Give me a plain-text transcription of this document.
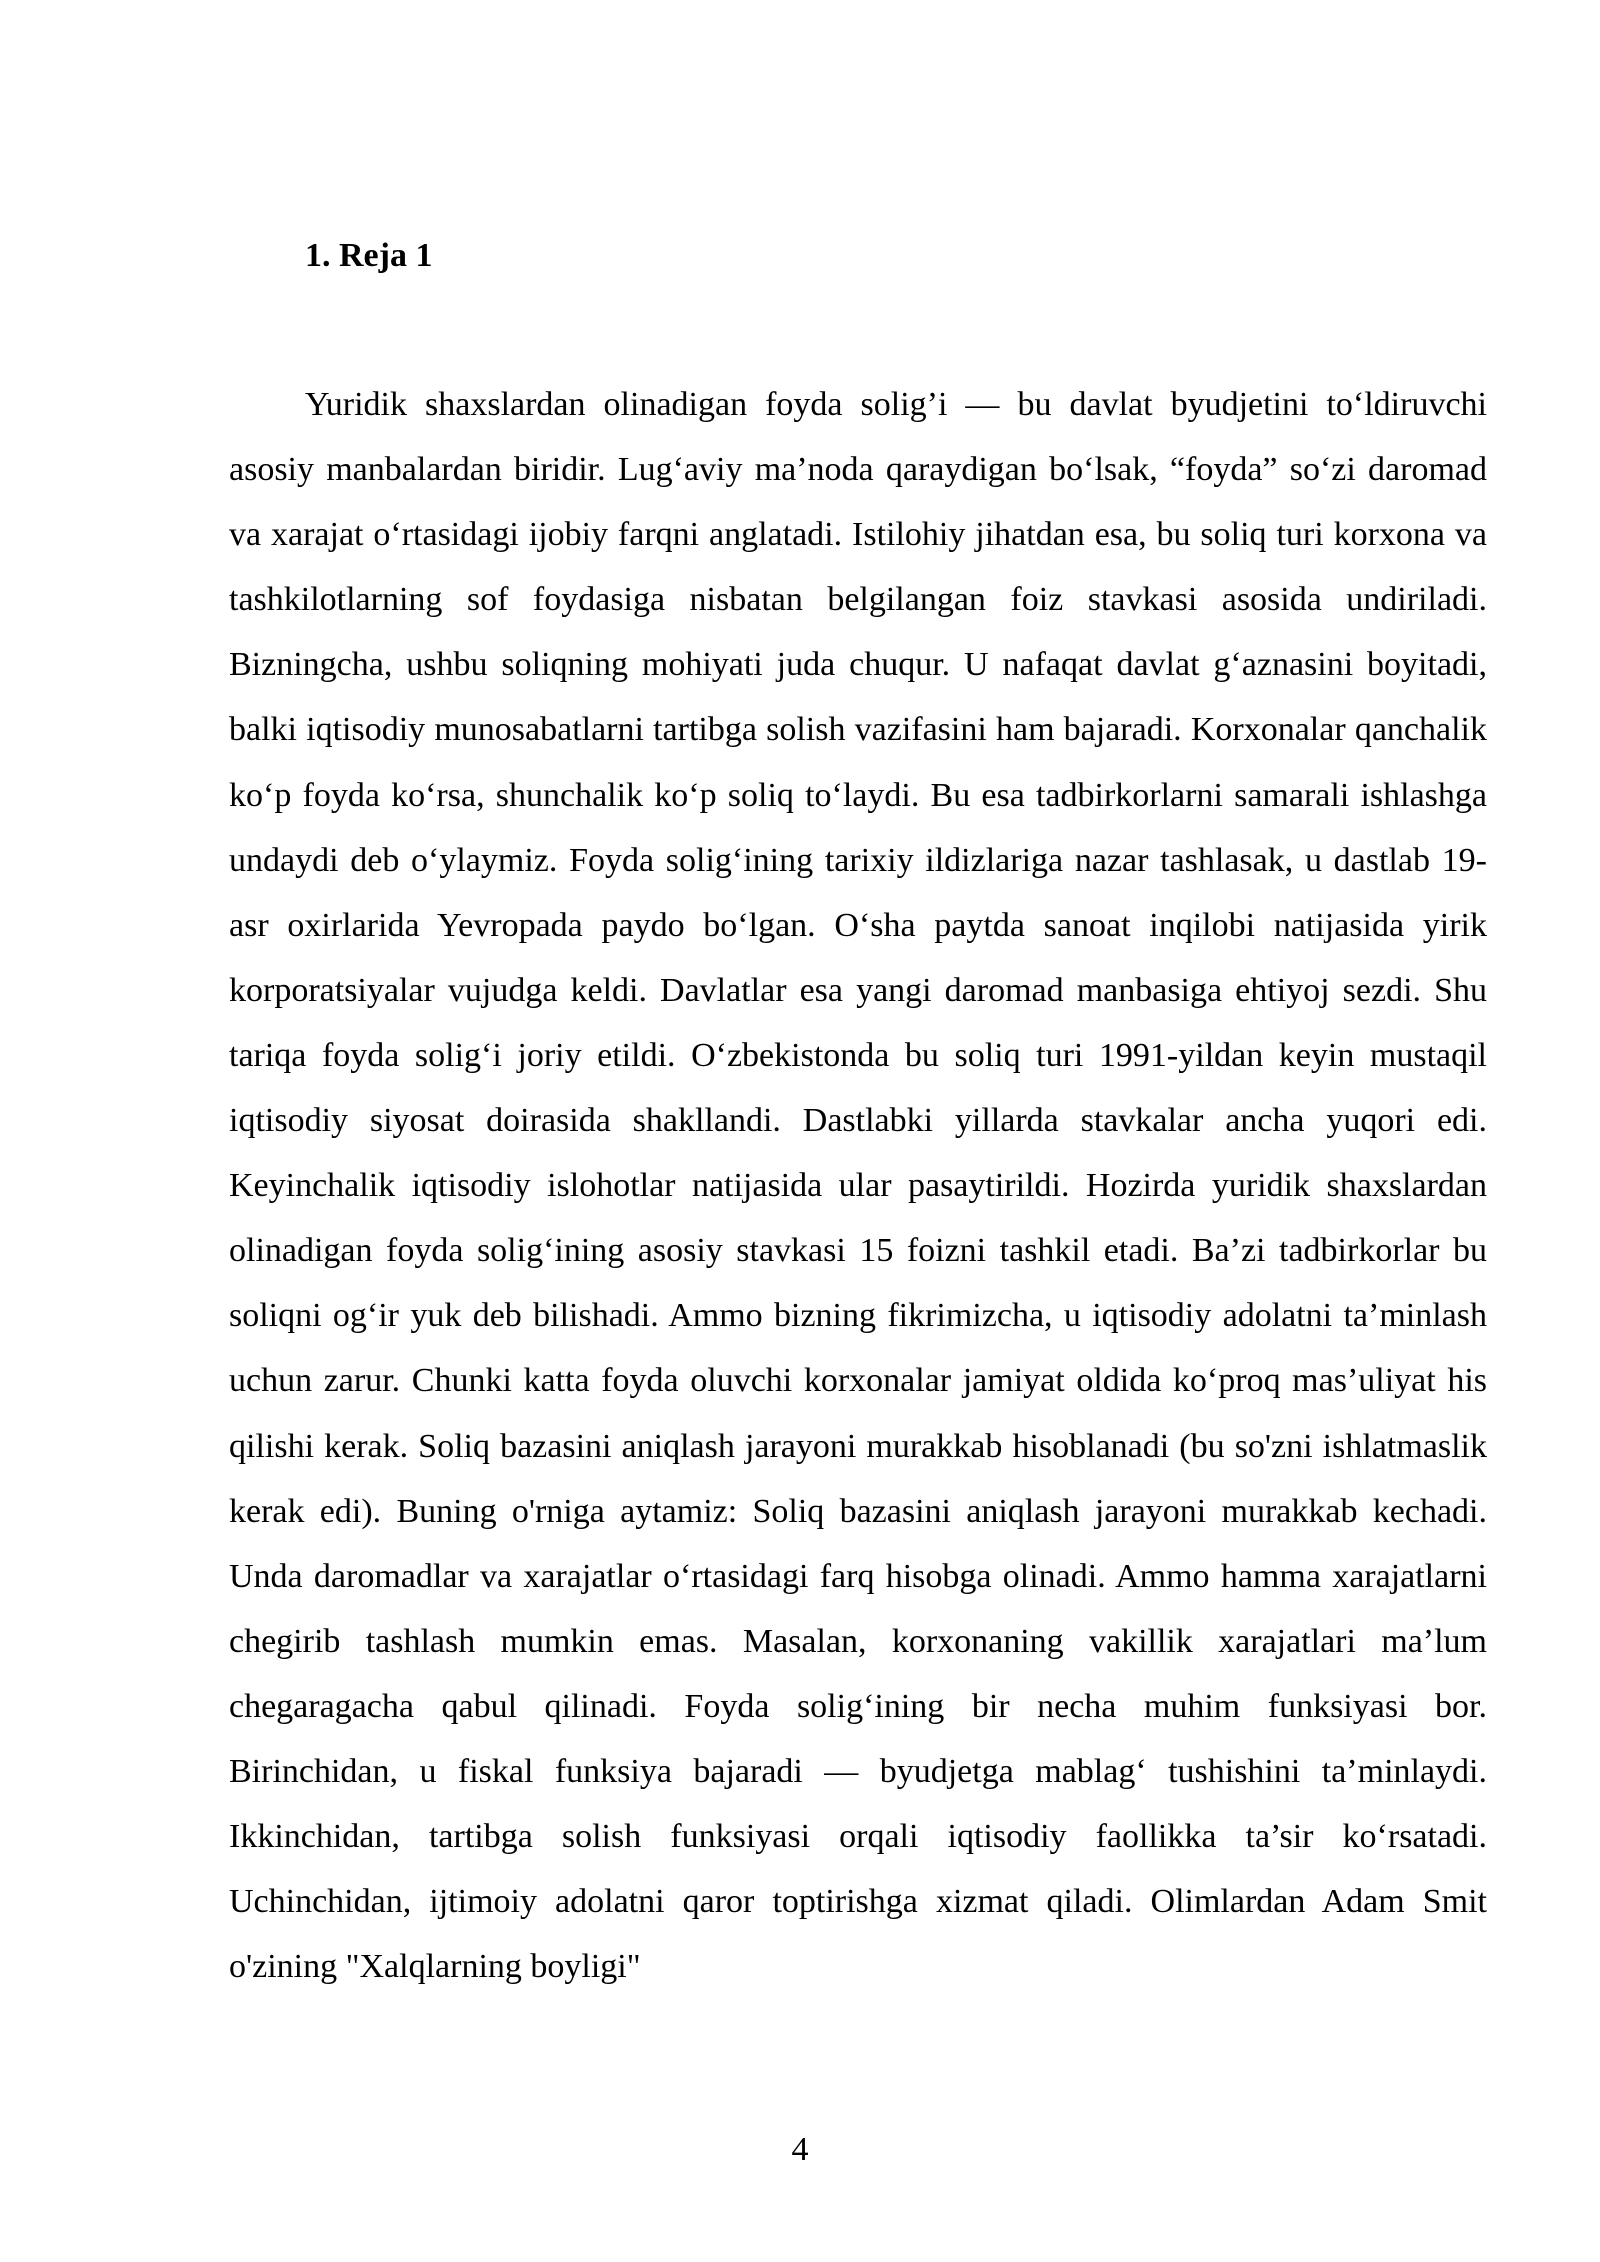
1. Reja 1

Yuridik shaxslardan olinadigan foyda solig’i — bu davlat byudjetini to‘ldiruvchi asosiy manbalardan biridir. Lug‘aviy ma’noda qaraydigan bo‘lsak, “foyda” so‘zi daromad va xarajat o‘rtasidagi ijobiy farqni anglatadi. Istilohiy jihatdan esa, bu soliq turi korxona va tashkilotlarning sof foydasiga nisbatan belgilangan foiz stavkasi asosida undiriladi. Bizningcha, ushbu soliqning mohiyati juda chuqur. U nafaqat davlat g‘aznasini boyitadi, balki iqtisodiy munosabatlarni tartibga solish vazifasini ham bajaradi. Korxonalar qanchalik ko‘p foyda ko‘rsa, shunchalik ko‘p soliq to‘laydi. Bu esa tadbirkorlarni samarali ishlashga undaydi deb o‘ylaymiz. Foyda solig‘ining tarixiy ildizlariga nazar tashlasak, u dastlab 19-asr oxirlarida Yevropada paydo bo‘lgan. O‘sha paytda sanoat inqilobi natijasida yirik korporatsiyalar vujudga keldi. Davlatlar esa yangi daromad manbasiga ehtiyoj sezdi. Shu tariqa foyda solig‘i joriy etildi. O‘zbekistonda bu soliq turi 1991-yildan keyin mustaqil iqtisodiy siyosat doirasida shakllandi. Dastlabki yillarda stavkalar ancha yuqori edi. Keyinchalik iqtisodiy islohotlar natijasida ular pasaytirildi. Hozirda yuridik shaxslardan olinadigan foyda solig‘ining asosiy stavkasi 15 foizni tashkil etadi. Ba’zi tadbirkorlar bu soliqni og‘ir yuk deb bilishadi. Ammo bizning fikrimizcha, u iqtisodiy adolatni ta’minlash uchun zarur. Chunki katta foyda oluvchi korxonalar jamiyat oldida ko‘proq mas’uliyat his qilishi kerak. Soliq bazasini aniqlash jarayoni murakkab hisoblanadi (bu so'zni ishlatmaslik kerak edi). Buning o'rniga aytamiz: Soliq bazasini aniqlash jarayoni murakkab kechadi. Unda daromadlar va xarajatlar o‘rtasidagi farq hisobga olinadi. Ammo hamma xarajatlarni chegirib tashlash mumkin emas. Masalan, korxonaning vakillik xarajatlari ma’lum chegaragacha qabul qilinadi. Foyda solig‘ining bir necha muhim funksiyasi bor. Birinchidan, u fiskal funksiya bajaradi — byudjetga mablag‘ tushishini ta’minlaydi. Ikkinchidan, tartibga solish funksiyasi orqali iqtisodiy faollikka ta’sir ko‘rsatadi. Uchinchidan, ijtimoiy adolatni qaror toptirishga xizmat qiladi. Olimlardan Adam Smit o'zining "Xalqlarning boyligi"

4
